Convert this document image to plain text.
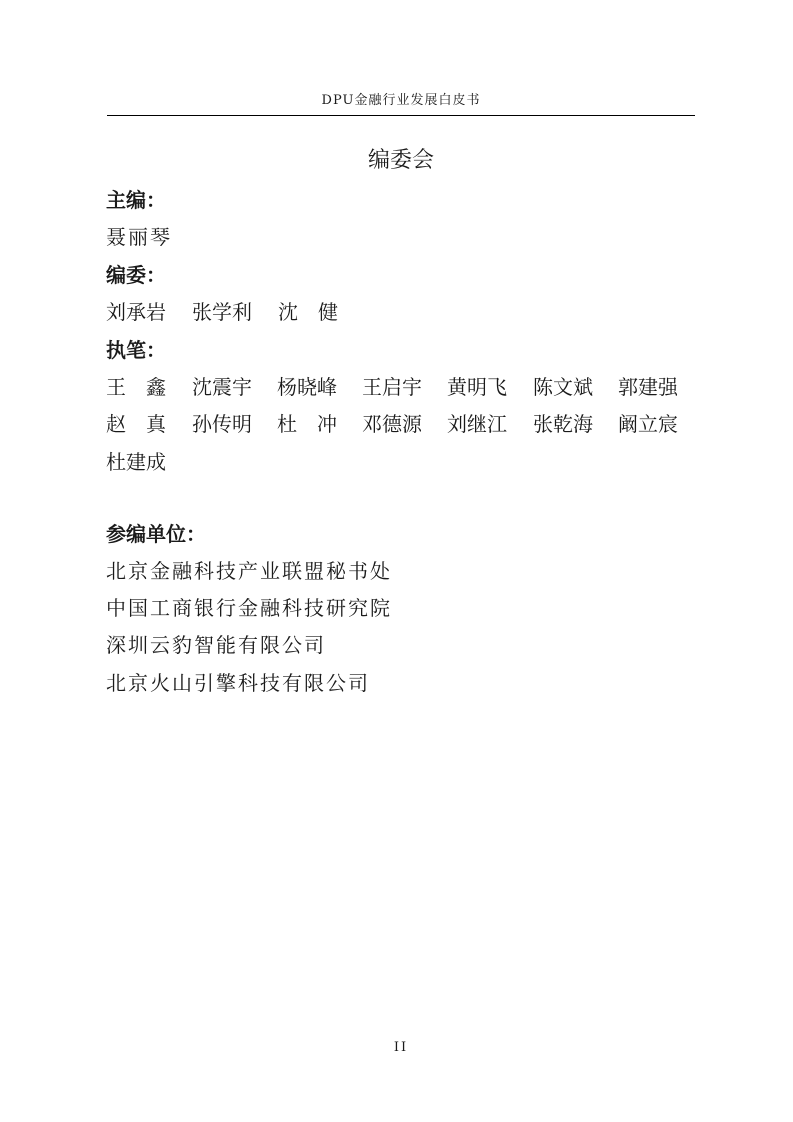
DPU金融行业发展白皮书
编委会
主编：
聂丽琴
编委：
刘承岩 张学利 沈　健
执笔：
王　鑫 沈震宇 杨晓峰 王启宇 黄明飞 陈文斌 郭建强
赵　真 孙传明 杜　冲 邓德源 刘继江 张乾海 阚立宸
杜建成
参编单位：
北京金融科技产业联盟秘书处
中国工商银行金融科技研究院
深圳云豹智能有限公司
北京火山引擎科技有限公司
II
